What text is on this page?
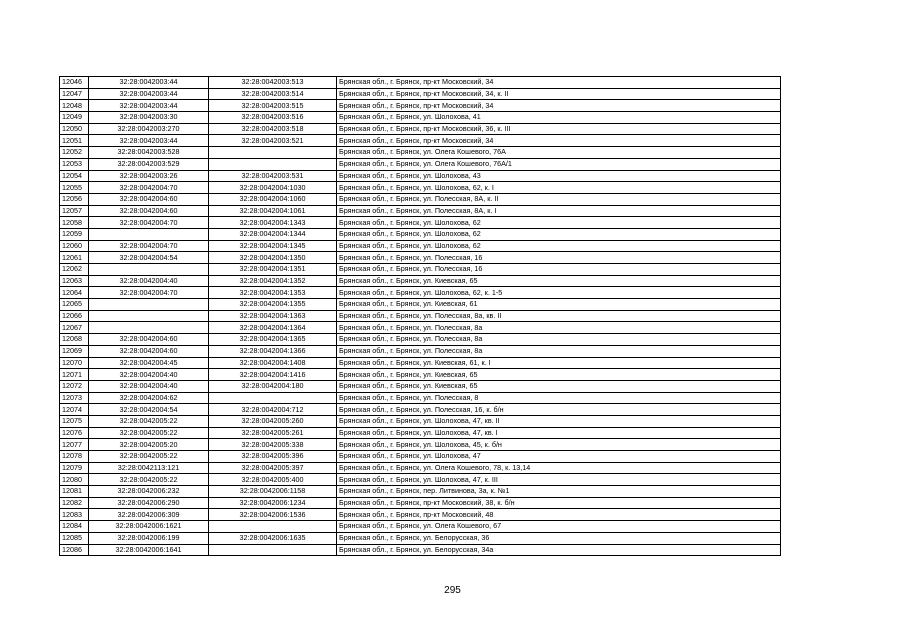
12046	32:28:0042003:44	32:28:0042003:513	Брянская обл., г. Брянск, пр-кт Московский, 34
12047	32:28:0042003:44	32:28:0042003:514	Брянская обл., г. Брянск, пр-кт Московский, 34, к. II
12048	32:28:0042003:44	32:28:0042003:515	Брянская обл., г. Брянск, пр-кт Московский, 34
12049	32:28:0042003:30	32:28:0042003:516	Брянская обл., г. Брянск, ул. Шолохова, 41
12050	32:28:0042003:270	32:28:0042003:518	Брянская обл., г. Брянск, пр-кт Московский, 36, к. III
12051	32:28:0042003:44	32:28:0042003:521	Брянская обл., г. Брянск, пр-кт Московский, 34
12052	32:28:0042003:528		Брянская обл., г. Брянск, ул. Олега Кошевого, 76А
12053	32:28:0042003:529		Брянская обл., г. Брянск, ул. Олега Кошевого, 76А/1
12054	32:28:0042003:26	32:28:0042003:531	Брянская обл., г. Брянск, ул. Шолохова, 43
12055	32:28:0042004:70	32:28:0042004:1030	Брянская обл., г. Брянск, ул. Шолохова, 62, к. I
12056	32:28:0042004:60	32:28:0042004:1060	Брянская обл., г. Брянск, ул. Полесская, 8А, к. II
12057	32:28:0042004:60	32:28:0042004:1061	Брянская обл., г. Брянск, ул. Полесская, 8А, к. I
12058	32:28:0042004:70	32:28:0042004:1343	Брянская обл., г. Брянск, ул. Шолохова, 62
12059		32:28:0042004:1344	Брянская обл., г. Брянск, ул. Шолохова, 62
12060	32:28:0042004:70	32:28:0042004:1345	Брянская обл., г. Брянск, ул. Шолохова, 62
12061	32:28:0042004:54	32:28:0042004:1350	Брянская обл., г. Брянск, ул. Полесская, 16
12062		32:28:0042004:1351	Брянская обл., г. Брянск, ул. Полесская, 16
12063	32:28:0042004:40	32:28:0042004:1352	Брянская обл., г. Брянск, ул. Киевская, 65
12064	32:28:0042004:70	32:28:0042004:1353	Брянская обл., г. Брянск, ул. Шолохова, 62, к. 1-5
12065		32:28:0042004:1355	Брянская обл., г. Брянск, ул. Киевская, 61
12066		32:28:0042004:1363	Брянская обл., г. Брянск, ул. Полесская, 8а, кв. II
12067		32:28:0042004:1364	Брянская обл., г. Брянск, ул. Полесская, 8а
12068	32:28:0042004:60	32:28:0042004:1365	Брянская обл., г. Брянск, ул. Полесская, 8а
12069	32:28:0042004:60	32:28:0042004:1366	Брянская обл., г. Брянск, ул. Полесская, 8а
12070	32:28:0042004:45	32:28:0042004:1408	Брянская обл., г. Брянск, ул. Киевская, 61, к. I
12071	32:28:0042004:40	32:28:0042004:1416	Брянская обл., г. Брянск, ул. Киевская, 65
12072	32:28:0042004:40	32:28:0042004:180	Брянская обл., г. Брянск, ул. Киевская, 65
12073	32:28:0042004:62		Брянская обл., г. Брянск, ул. Полесская, 8
12074	32:28:0042004:54	32:28:0042004:712	Брянская обл., г. Брянск, ул. Полесская, 16, к. б/н
12075	32:28:0042005:22	32:28:0042005:260	Брянская обл., г. Брянск, ул. Шолохова, 47, кв. II
12076	32:28:0042005:22	32:28:0042005:261	Брянская обл., г. Брянск, ул. Шолохова, 47, кв. I
12077	32:28:0042005:20	32:28:0042005:338	Брянская обл., г. Брянск, ул. Шолохова, 45, к. б/н
12078	32:28:0042005:22	32:28:0042005:396	Брянская обл., г. Брянск, ул. Шолохова, 47
12079	32:28:0042113:121	32:28:0042005:397	Брянская обл., г. Брянск, ул. Олега Кошевого, 78, к. 13,14
12080	32:28:0042005:22	32:28:0042005:400	Брянская обл., г. Брянск, ул. Шолохова, 47, к. III
12081	32:28:0042006:232	32:28:0042006:1158	Брянская обл., г. Брянск, пер. Литвинова, 3а, к. №1
12082	32:28:0042006:290	32:28:0042006:1234	Брянская обл., г. Брянск, пр-кт Московский, 38, к. б/н
12083	32:28:0042006:309	32:28:0042006:1536	Брянская обл., г. Брянск, пр-кт Московский, 48
12084	32:28:0042006:1621		Брянская обл., г. Брянск, ул. Олега Кошевого, 67
12085	32:28:0042006:199	32:28:0042006:1635	Брянская обл., г. Брянск, ул. Белорусская, 36
12086	32:28:0042006:1641		Брянская обл., г. Брянск, ул. Белорусская, 34а
295
